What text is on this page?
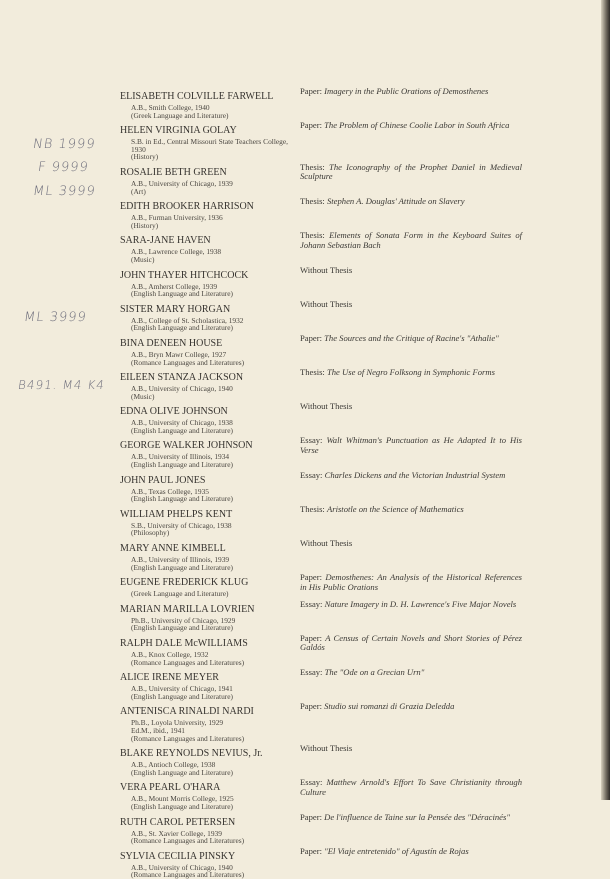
NB 1999
F 9999
ML 3999
ML 3999
B491. M4 K4
ELISABETH COLVILLE FARWELL
A.B., Smith College, 1940
(Greek Language and Literature)
Paper: Imagery in the Public Orations of Demosthenes
HELEN VIRGINIA GOLAY
S.B. in Ed., Central Missouri State Teachers College, 1930
(History)
Paper: The Problem of Chinese Coolie Labor in South Africa
ROSALIE BETH GREEN
A.B., University of Chicago, 1939
(Art)
Thesis: The Iconography of the Prophet Daniel in Medieval Sculpture
EDITH BROOKER HARRISON
A.B., Furman University, 1936
(History)
Thesis: Stephen A. Douglas' Attitude on Slavery
SARA-JANE HAVEN
A.B., Lawrence College, 1938
(Music)
Thesis: Elements of Sonata Form in the Keyboard Suites of Johann Sebastian Bach
JOHN THAYER HITCHCOCK
A.B., Amherst College, 1939
(English Language and Literature)
Without Thesis
SISTER MARY HORGAN
A.B., College of St. Scholastica, 1932
(English Language and Literature)
Without Thesis
BINA DENEEN HOUSE
A.B., Bryn Mawr College, 1927
(Romance Languages and Literatures)
Paper: The Sources and the Critique of Racine's "Athalie"
EILEEN STANZA JACKSON
A.B., University of Chicago, 1940
(Music)
Thesis: The Use of Negro Folksong in Symphonic Forms
EDNA OLIVE JOHNSON
A.B., University of Chicago, 1938
(English Language and Literature)
Without Thesis
GEORGE WALKER JOHNSON
A.B., University of Illinois, 1934
(English Language and Literature)
Essay: Walt Whitman's Punctuation as He Adapted It to His Verse
JOHN PAUL JONES
A.B., Texas College, 1935
(English Language and Literature)
Essay: Charles Dickens and the Victorian Industrial System
WILLIAM PHELPS KENT
S.B., University of Chicago, 1938
(Philosophy)
Thesis: Aristotle on the Science of Mathematics
MARY ANNE KIMBELL
A.B., University of Illinois, 1939
(English Language and Literature)
Without Thesis
EUGENE FREDERICK KLUG
(Greek Language and Literature)
Paper: Demosthenes: An Analysis of the Historical References in His Public Orations
MARIAN MARILLA LOVRIEN
Ph.B., University of Chicago, 1929
(English Language and Literature)
Essay: Nature Imagery in D. H. Lawrence's Five Major Novels
RALPH DALE McWILLIAMS
A.B., Knox College, 1932
(Romance Languages and Literatures)
Paper: A Census of Certain Novels and Short Stories of Pérez Galdós
ALICE IRENE MEYER
A.B., University of Chicago, 1941
(English Language and Literature)
Essay: The "Ode on a Grecian Urn"
ANTENISCA RINALDI NARDI
Ph.B., Loyola University, 1929
Ed.M., ibid., 1941
(Romance Languages and Literatures)
Paper: Studio sui romanzi di Grazia Deledda
BLAKE REYNOLDS NEVIUS, Jr.
A.B., Antioch College, 1938
(English Language and Literature)
Without Thesis
VERA PEARL O'HARA
A.B., Mount Morris College, 1925
(English Language and Literature)
Essay: Matthew Arnold's Effort To Save Christianity through Culture
RUTH CAROL PETERSEN
A.B., St. Xavier College, 1939
(Romance Languages and Literatures)
Paper: De l'influence de Taine sur la Pensée des "Déracinés"
SYLVIA CECILIA PINSKY
A.B., University of Chicago, 1940
(Romance Languages and Literatures)
Paper: "El Viaje entretenido" of Agustín de Rojas
